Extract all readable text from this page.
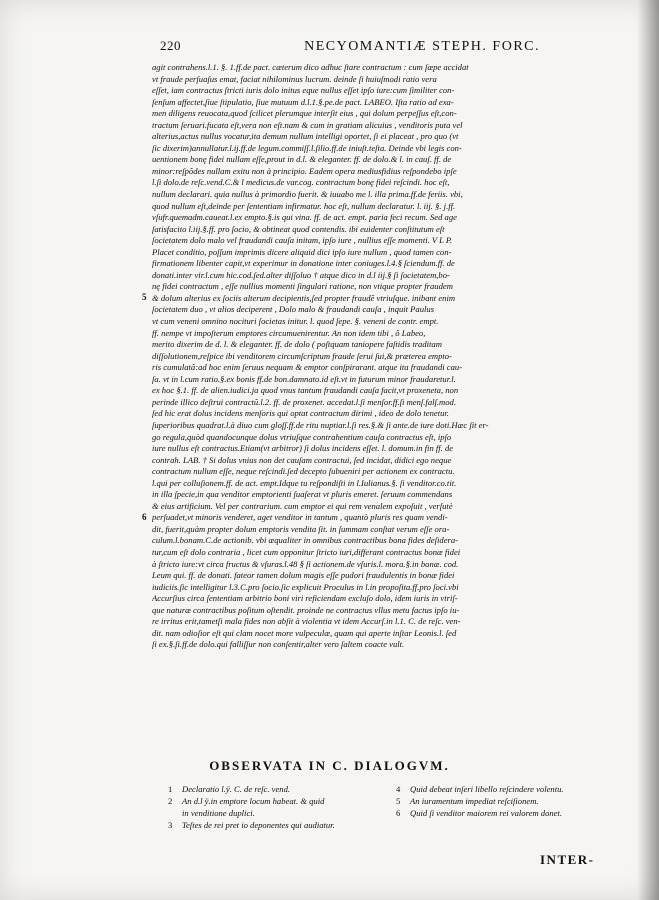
220	NECYOMANTIÆ STEPH. FORC.
agit contrahens.l.1. §. 1.ff.de pact. cæterum dico adhuc ſtare contractum : cum ſæpe accidat
vt fraude perſuaſus emat, faciat nihilominus lucrum. deinde ſi huiuſmodi ratio vera
eſſet, iam contractus ſtricti iuris dolo initus eque nullus eſſet ipſo iure:cum ſimiliter con-
ſenſum affectet,ſiue ſtipulatio, ſiue mutuum d.l.1.§.pe.de pact. LABEO. Iſta ratio ad exa-
men diligens reuocata,quod ſcilicet plerumque interſit eius , qui dolum perpeſſus eſt,con-
tractum ſeruari.fucata eſt,vera non eſt.nam & cum in gratiam alicuius , venditoris puta vel
alterius,actus nullus vocatur,ita demum nullum intelligi oportet, ſi ei placeat , pro quo (vt
ſic dixerim)annullatur.l.ij.ff.de legum.commiſſ.l.ſilio.ff.de iniuſt.teſta. Deinde vbi legis con-
uentionem bonę fidei nullam eſſe,prout in d.l. & eleganter. ff. de dolo.& l. in cauſ. ff. de
minor:reſpõdes nullam exitu non à principio. Eadem opera mediusfidius reſpondebo ipſe
l.ſi dolo.de reſc.vend.C.& l medicus.de var.cog. contractum bonę fidei reſcindi. hoc eſt,
nullum declarari. quia nullus à primordio fuerit. & iuuabo me l. illa prima.ff.de feriis. vbi,
quod nullum eſt,deinde per ſententiam infirmatur. hoc eſt, nullum declaratur. l. iij. §. j.ff.
vſufr.quemadm.caueat.l.ex empto.§.is qui vina. ff. de act. empt. paria feci recum. Sed age
ſatisfacito l.iij.§.ff. pro ſocio, & obtineat quod contendis. ibi euidenter conſtitutum eſt
ſocietatem dolo malo vel fraudandi cauſa initam, ipſo iure , nullius eſſe momenti. V L P.
Placet conditio, poſſum imprimis dicere aliquid dici ipſo iure nullum , quod tamen con-
firmationem libenter capit,vt experimur in donatione inter coniuges.l.4.§ ſciendum.ff. de
donati.inter vir.l.cum hic.cod.ſed.alter diſſoluo † atque dico in d.l iij.§ ſi ſocietatem,bo-
nę fidei contractum , eſſe nullius momenti ſingulari ratione, non vtique propter fraudem
& dolum alterius ex ſociis alterum decipientis,ſed propter fraudẽ vtriuſque. inibant enim
ſocietatem duo , vt alios deciperent , Dolo malo & fraudandi cauſa , inquit Paulus
vt cum veneni omnino nocituri ſocietas initur. l. quod ſepe. §. veneni de contr. empt.
ff. nempe vt impoſterum emptores circumuenirentur. An non idem tibi , ô Labeo,
merito dixerim de d. l. & eleganter. ff. de dolo ( poſtquam taniopere faſtidis traditam
diſſolutionem,reſpice ibi venditorem circumſcriptum fraude ſerui ſui,& præterea empto-
ris cumulatã:ad hoc enim ſeruus nequam & emptor conſpirarant. atque ita fraudandi cau-
ſa. vt in l.cum ratio.§.ex bonis ff.de bon.damnato.id eſt.vt in futurum minor fraudaretur.l.
ex hoc §.1. ff. de alien.iudici.ja quod vnus tantum fraudandi cauſa facit,vt proxeneta, non
perinde illico deſtrui contractũ.l.2. ff. de proxenet. accedat.l.ſi menſor.ff.ſi menſ.falſ.mod.
ſed hic erat dolus incidens menſoris qui optat contractum dirimi , ideo de dolo tenetur.
ſuperioribus quadrat.l.à diuo cum gloſſ.ff.de ritu nuptiar.l.ſi res.§.& ſi ante.de iure doti.Hæc ſit er-
go regula,quòd quandocunque dolus vtriuſque contrahentium cauſa contractus eſt, ipſo
iure nullus eſt contractus.Etiam(vt arbitror) ſi dolus incidens eſſet. l. domum.in fin ff. de
contrah. LAB. † Si dolus vnius non det cauſam contractui, ſed incidat, didici ego neque
contractum nullum eſſe, neque reſcindi.ſed decepto ſubueniri per actionem ex contractu.
l.qui per colluſionem.ff. de act. empt.Idque tu reſpondiſti in l.Iulianus.§. ſi venditor.co.tit.
in illa ſpecie,in qua venditor emptorienti ſuaſerat vt pluris emeret. ſeruum commendans
& eius artificium. Vel per contrarium. cum emptor ei qui rem venalem expoſuit , verſutè
perſuadet,vt minoris venderet, aget venditor in tantum , quantò pluris res quam vendi-
dit, fuerit,quàm propter dolum emptoris vendita ſit. in ſummam conſtat verum eſſe ora-
culum.l.bonam.C.de actionib. vbi æqualiter in omnibus contractibus bona fides deſidera-
tur,cum eſt dolo contraria , licet cum opponitur ſtricto iuri,differant contractus bonæ fidei
à ſtricto iure:vt circa fructus & vſuras.l.48 § ſi actionem.de vſuris.l. mora.§.in bonæ. cod.
Leum qui. ff. de donati. fateor tamen dolum magis eſſe pudori fraudulentis in bonæ fidei
iudiciis.ſic intelligitur l.3.C.pro ſocio.ſic explicuit Proculus in l.in propoſita.ff.pro ſoci.vbi
Accurſius circa ſententiam arbitrio boni viri reficiendam excluſo dolo, idem iuris in vtriſ-
que naturæ contractibus poſitum oſtendit. proinde ne contractus vllus metu factus ipſo iu-
re irritus erit,tametſi mala fides non abſit à violentia vt idem Accurſ.in l.1. C. de reſc. ven-
dit. nam odioſior eſt qui clam nocet more vulpeculæ, quam qui aperte inſtar Leonis.l. ſed
ſi ex.§.ſi.ff.de dolo.qui falliſſur non conſentir,alter vero ſaltem coacte vult.
5
6
OBSERVATA IN C. DIALOGVM.
1	Declaratio l.ÿ. C. de reſc. vend.
2	An d.l ÿ.in emptore locum habeat. & quid
in venditione duplici.
3	Teſtes de rei pret io deponentes qui audiatur.
4	Quid debeat inſeri libello reſcindere volentu.
5	An iuramentum impediat reſciſionem.
6	Quid ſi venditor maiorem rei valorem donet.
INTER-
